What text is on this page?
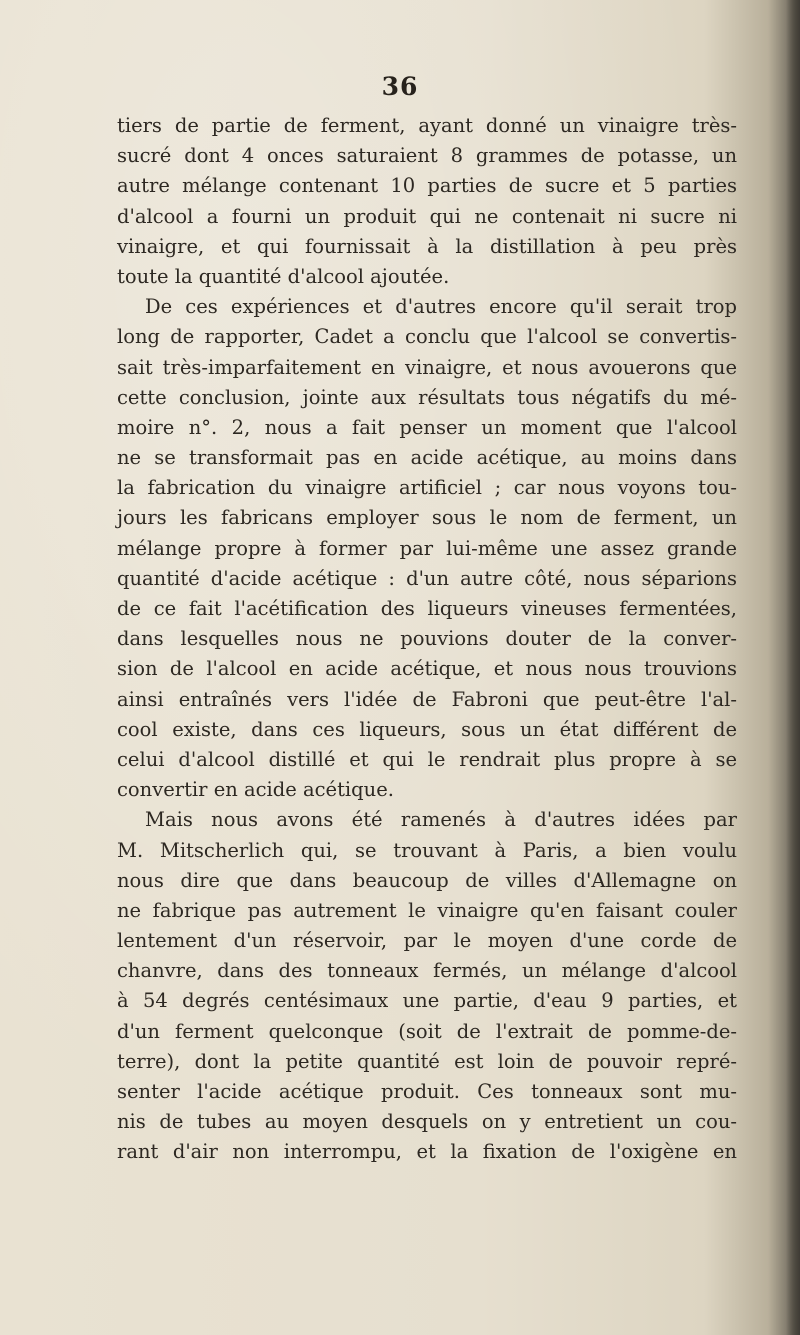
36
tiers de partie de ferment, ayant donné un vinaigre très-
sucré dont 4 onces saturaient 8 grammes de potasse, un
autre mélange contenant 10 parties de sucre et 5 parties
d'alcool a fourni un produit qui ne contenait ni sucre ni
vinaigre, et qui fournissait à la distillation à peu près
toute la quantité d'alcool ajoutée.
De ces expériences et d'autres encore qu'il serait trop
long de rapporter, Cadet a conclu que l'alcool se convertis-
sait très-imparfaitement en vinaigre, et nous avouerons que
cette conclusion, jointe aux résultats tous négatifs du mé-
moire n°. 2, nous a fait penser un moment que l'alcool
ne se transformait pas en acide acétique, au moins dans
la fabrication du vinaigre artificiel ; car nous voyons tou-
jours les fabricans employer sous le nom de ferment, un
mélange propre à former par lui-même une assez grande
quantité d'acide acétique : d'un autre côté, nous séparions
de ce fait l'acétification des liqueurs vineuses fermentées,
dans lesquelles nous ne pouvions douter de la conver-
sion de l'alcool en acide acétique, et nous nous trouvions
ainsi entraînés vers l'idée de Fabroni que peut-être l'al-
cool existe, dans ces liqueurs, sous un état différent de
celui d'alcool distillé et qui le rendrait plus propre à se
convertir en acide acétique.
Mais nous avons été ramenés à d'autres idées par
M. Mitscherlich qui, se trouvant à Paris, a bien voulu
nous dire que dans beaucoup de villes d'Allemagne on
ne fabrique pas autrement le vinaigre qu'en faisant couler
lentement d'un réservoir, par le moyen d'une corde de
chanvre, dans des tonneaux fermés, un mélange d'alcool
à 54 degrés centésimaux une partie, d'eau 9 parties, et
d'un ferment quelconque (soit de l'extrait de pomme-de-
terre), dont la petite quantité est loin de pouvoir repré-
senter l'acide acétique produit. Ces tonneaux sont mu-
nis de tubes au moyen desquels on y entretient un cou-
rant d'air non interrompu, et la fixation de l'oxigène en
